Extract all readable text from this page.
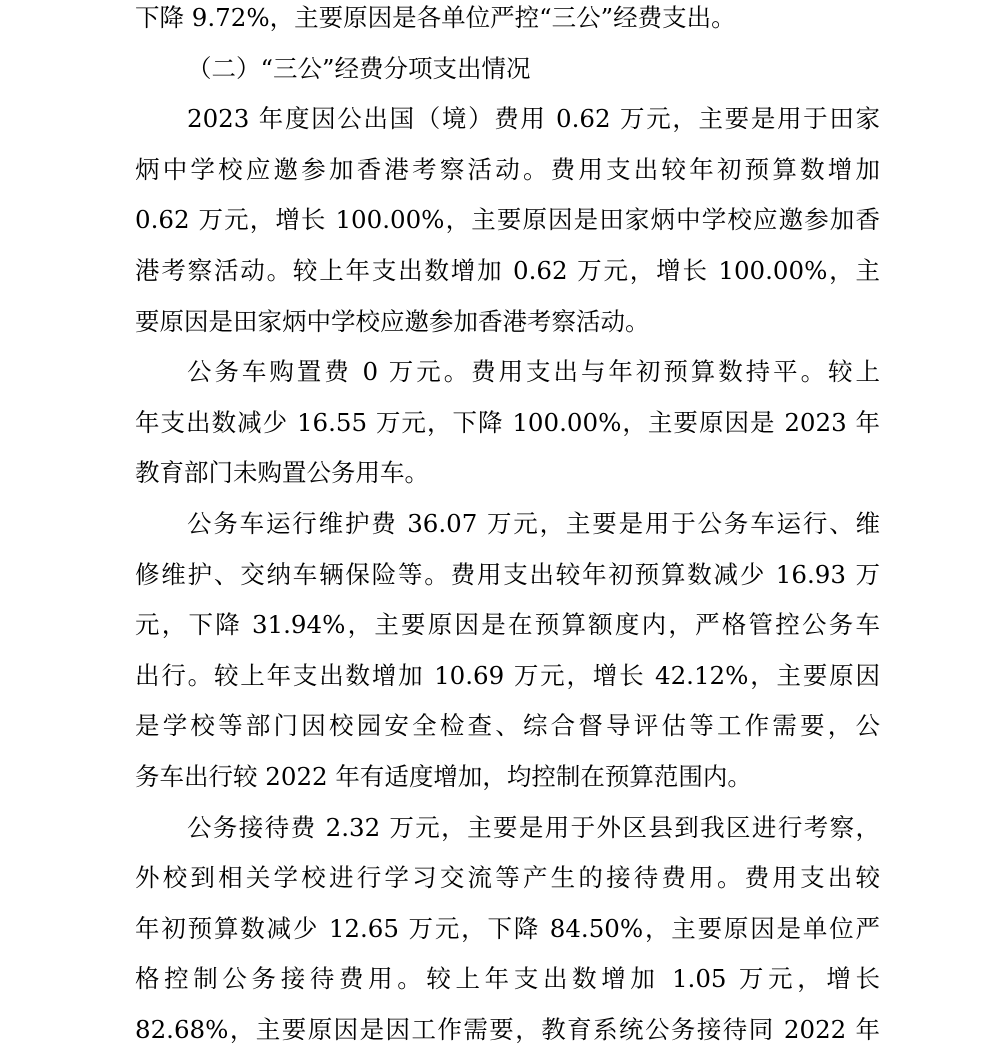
下降 9.72%，主要原因是各单位严控“三公”经费支出。
（二）“三公”经费分项支出情况
2023 年度因公出国（境）费用 0.62 万元，主要是用于田家
炳中学校应邀参加香港考察活动。费用支出较年初预算数增加
0.62 万元，增长 100.00%，主要原因是田家炳中学校应邀参加香
港考察活动。较上年支出数增加 0.62 万元，增长 100.00%，主
要原因是田家炳中学校应邀参加香港考察活动。
公务车购置费 0 万元。费用支出与年初预算数持平。较上
年支出数减少 16.55 万元，下降 100.00%，主要原因是 2023 年
教育部门未购置公务用车。
公务车运行维护费 36.07 万元，主要是用于公务车运行、维
修维护、交纳车辆保险等。费用支出较年初预算数减少 16.93 万
元，下降 31.94%，主要原因是在预算额度内，严格管控公务车
出行。较上年支出数增加 10.69 万元，增长 42.12%，主要原因
是学校等部门因校园安全检查、综合督导评估等工作需要，公
务车出行较 2022 年有适度增加，均控制在预算范围内。
公务接待费 2.32 万元，主要是用于外区县到我区进行考察，
外校到相关学校进行学习交流等产生的接待费用。费用支出较
年初预算数减少 12.65 万元，下降 84.50%，主要原因是单位严
格控制公务接待费用。较上年支出数增加 1.05 万元，增长
82.68%，主要原因是因工作需要，教育系统公务接待同 2022 年
